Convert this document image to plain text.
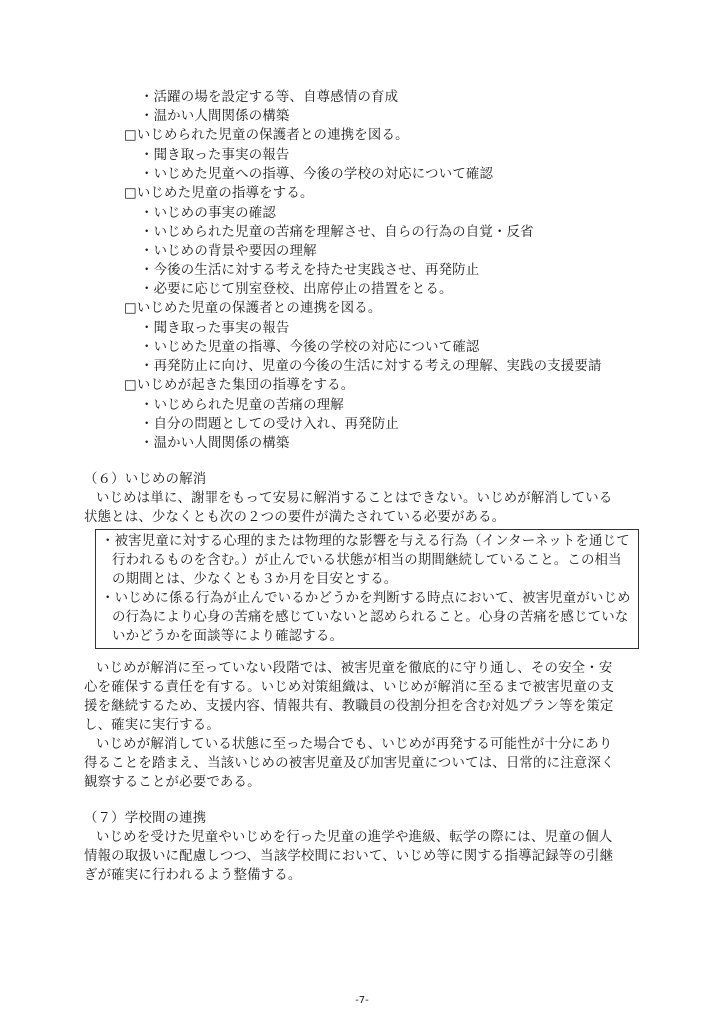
・活躍の場を設定する等、自尊感情の育成
・温かい人間関係の構築
□いじめられた児童の保護者との連携を図る。
・聞き取った事実の報告
・いじめた児童への指導、今後の学校の対応について確認
□いじめた児童の指導をする。
・いじめの事実の確認
・いじめられた児童の苦痛を理解させ、自らの行為の自覚・反省
・いじめの背景や要因の理解
・今後の生活に対する考えを持たせ実践させ、再発防止
・必要に応じて別室登校、出席停止の措置をとる。
□いじめた児童の保護者との連携を図る。
・聞き取った事実の報告
・いじめた児童の指導、今後の学校の対応について確認
・再発防止に向け、児童の今後の生活に対する考えの理解、実践の支援要請
□いじめが起きた集団の指導をする。
・いじめられた児童の苦痛の理解
・自分の問題としての受け入れ、再発防止
・温かい人間関係の構築
（６）いじめの解消
いじめは単に、謝罪をもって安易に解消することはできない。いじめが解消している
状態とは、少なくとも次の２つの要件が満たされている必要がある。
・被害児童に対する心理的または物理的な影響を与える行為（インターネットを通じて
行われるものを含む。）が止んでいる状態が相当の期間継続していること。この相当
の期間とは、少なくとも３か月を目安とする。
・いじめに係る行為が止んでいるかどうかを判断する時点において、被害児童がいじめ
の行為により心身の苦痛を感じていないと認められること。心身の苦痛を感じていな
いかどうかを面談等により確認する。
いじめが解消に至っていない段階では、被害児童を徹底的に守り通し、その安全・安
心を確保する責任を有する。いじめ対策組織は、いじめが解消に至るまで被害児童の支
援を継続するため、支援内容、情報共有、教職員の役割分担を含む対処プラン等を策定
し、確実に実行する。
いじめが解消している状態に至った場合でも、いじめが再発する可能性が十分にあり
得ることを踏まえ、当該いじめの被害児童及び加害児童については、日常的に注意深く
観察することが必要である。
（７）学校間の連携
いじめを受けた児童やいじめを行った児童の進学や進級、転学の際には、児童の個人
情報の取扱いに配慮しつつ、当該学校間において、いじめ等に関する指導記録等の引継
ぎが確実に行われるよう整備する。
-7-
